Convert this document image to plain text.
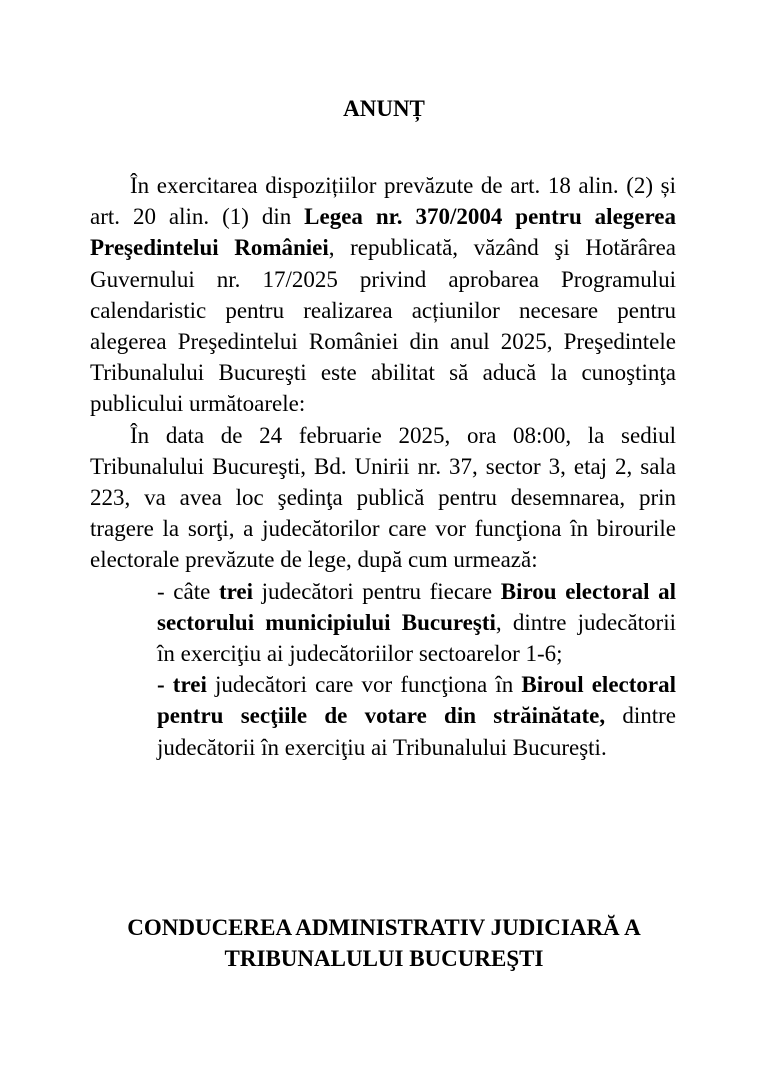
ANUNȚ

În exercitarea dispozițiilor prevăzute de art. 18 alin. (2) și art. 20 alin. (1) din Legea nr. 370/2004 pentru alegerea Preşedintelui României, republicată, văzând şi Hotărârea Guvernului nr. 17/2025 privind aprobarea Programului calendaristic pentru realizarea acțiunilor necesare pentru alegerea Preşedintelui României din anul 2025, Preşedintele Tribunalului Bucureşti este abilitat să aducă la cunoştinţa publicului următoarele:

În data de 24 februarie 2025, ora 08:00, la sediul Tribunalului Bucureşti, Bd. Unirii nr. 37, sector 3, etaj 2, sala 223, va avea loc şedinţa publică pentru desemnarea, prin tragere la sorţi, a judecătorilor care vor funcţiona în birourile electorale prevăzute de lege, după cum urmează:

- câte trei judecători pentru fiecare Birou electoral al sectorului municipiului Bucureşti, dintre judecătorii în exerciţiu ai judecătoriilor sectoarelor 1-6;

- trei judecători care vor funcţiona în Biroul electoral pentru secţiile de votare din străinătate, dintre judecătorii în exerciţiu ai Tribunalului Bucureşti.

CONDUCEREA ADMINISTRATIV JUDICIARĂ A
TRIBUNALULUI BUCUREŞTI
